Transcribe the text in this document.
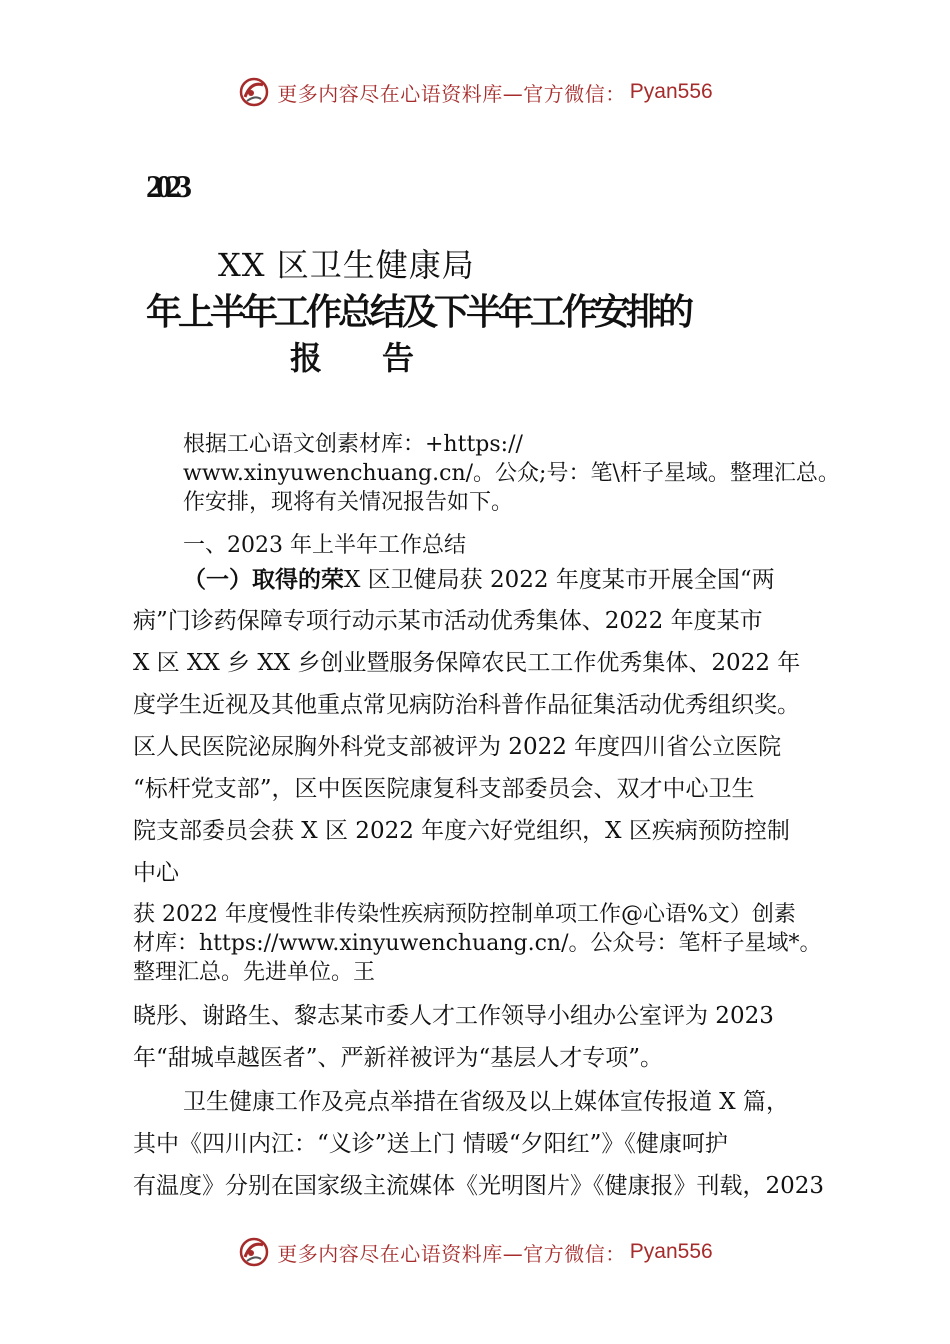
更多内容尽在心语资料库—官方微信： Pyan556
2023
XX 区卫生健康局
年上半年工作总结及下半年工作安排的
报告
根据工心语文创素材库：+https://
www.xinyuwenchuang.cn/。公众;号：笔\杆子星域。整理汇总。
作安排，现将有关情况报告如下。
一、2023 年上半年工作总结
（一）取得的荣X 区卫健局获 2022 年度某市开展全国“两
病”门诊药保障专项行动示某市活动优秀集体、2022 年度某市
X 区 XX 乡 XX 乡创业暨服务保障农民工工作优秀集体、2022 年
度学生近视及其他重点常见病防治科普作品征集活动优秀组织奖。
区人民医院泌尿胸外科党支部被评为 2022 年度四川省公立医院
“标杆党支部”，区中医医院康复科支部委员会、双才中心卫生
院支部委员会获 X 区 2022 年度六好党组织，X 区疾病预防控制
中心
获 2022 年度慢性非传染性疾病预防控制单项工作@心语%文）创素
材库：https://www.xinyuwenchuang.cn/。公众号：笔杆子星域*。
整理汇总。先进单位。王
晓彤、谢路生、黎志某市委人才工作领导小组办公室评为 2023
年“甜城卓越医者”、严新祥被评为“基层人才专项”。
卫生健康工作及亮点举措在省级及以上媒体宣传报道 X 篇，
其中《四川内江：“义诊”送上门 情暖“夕阳红”》《健康呵护
有温度》分别在国家级主流媒体《光明图片》《健康报》刊载，2023
更多内容尽在心语资料库—官方微信： Pyan556
